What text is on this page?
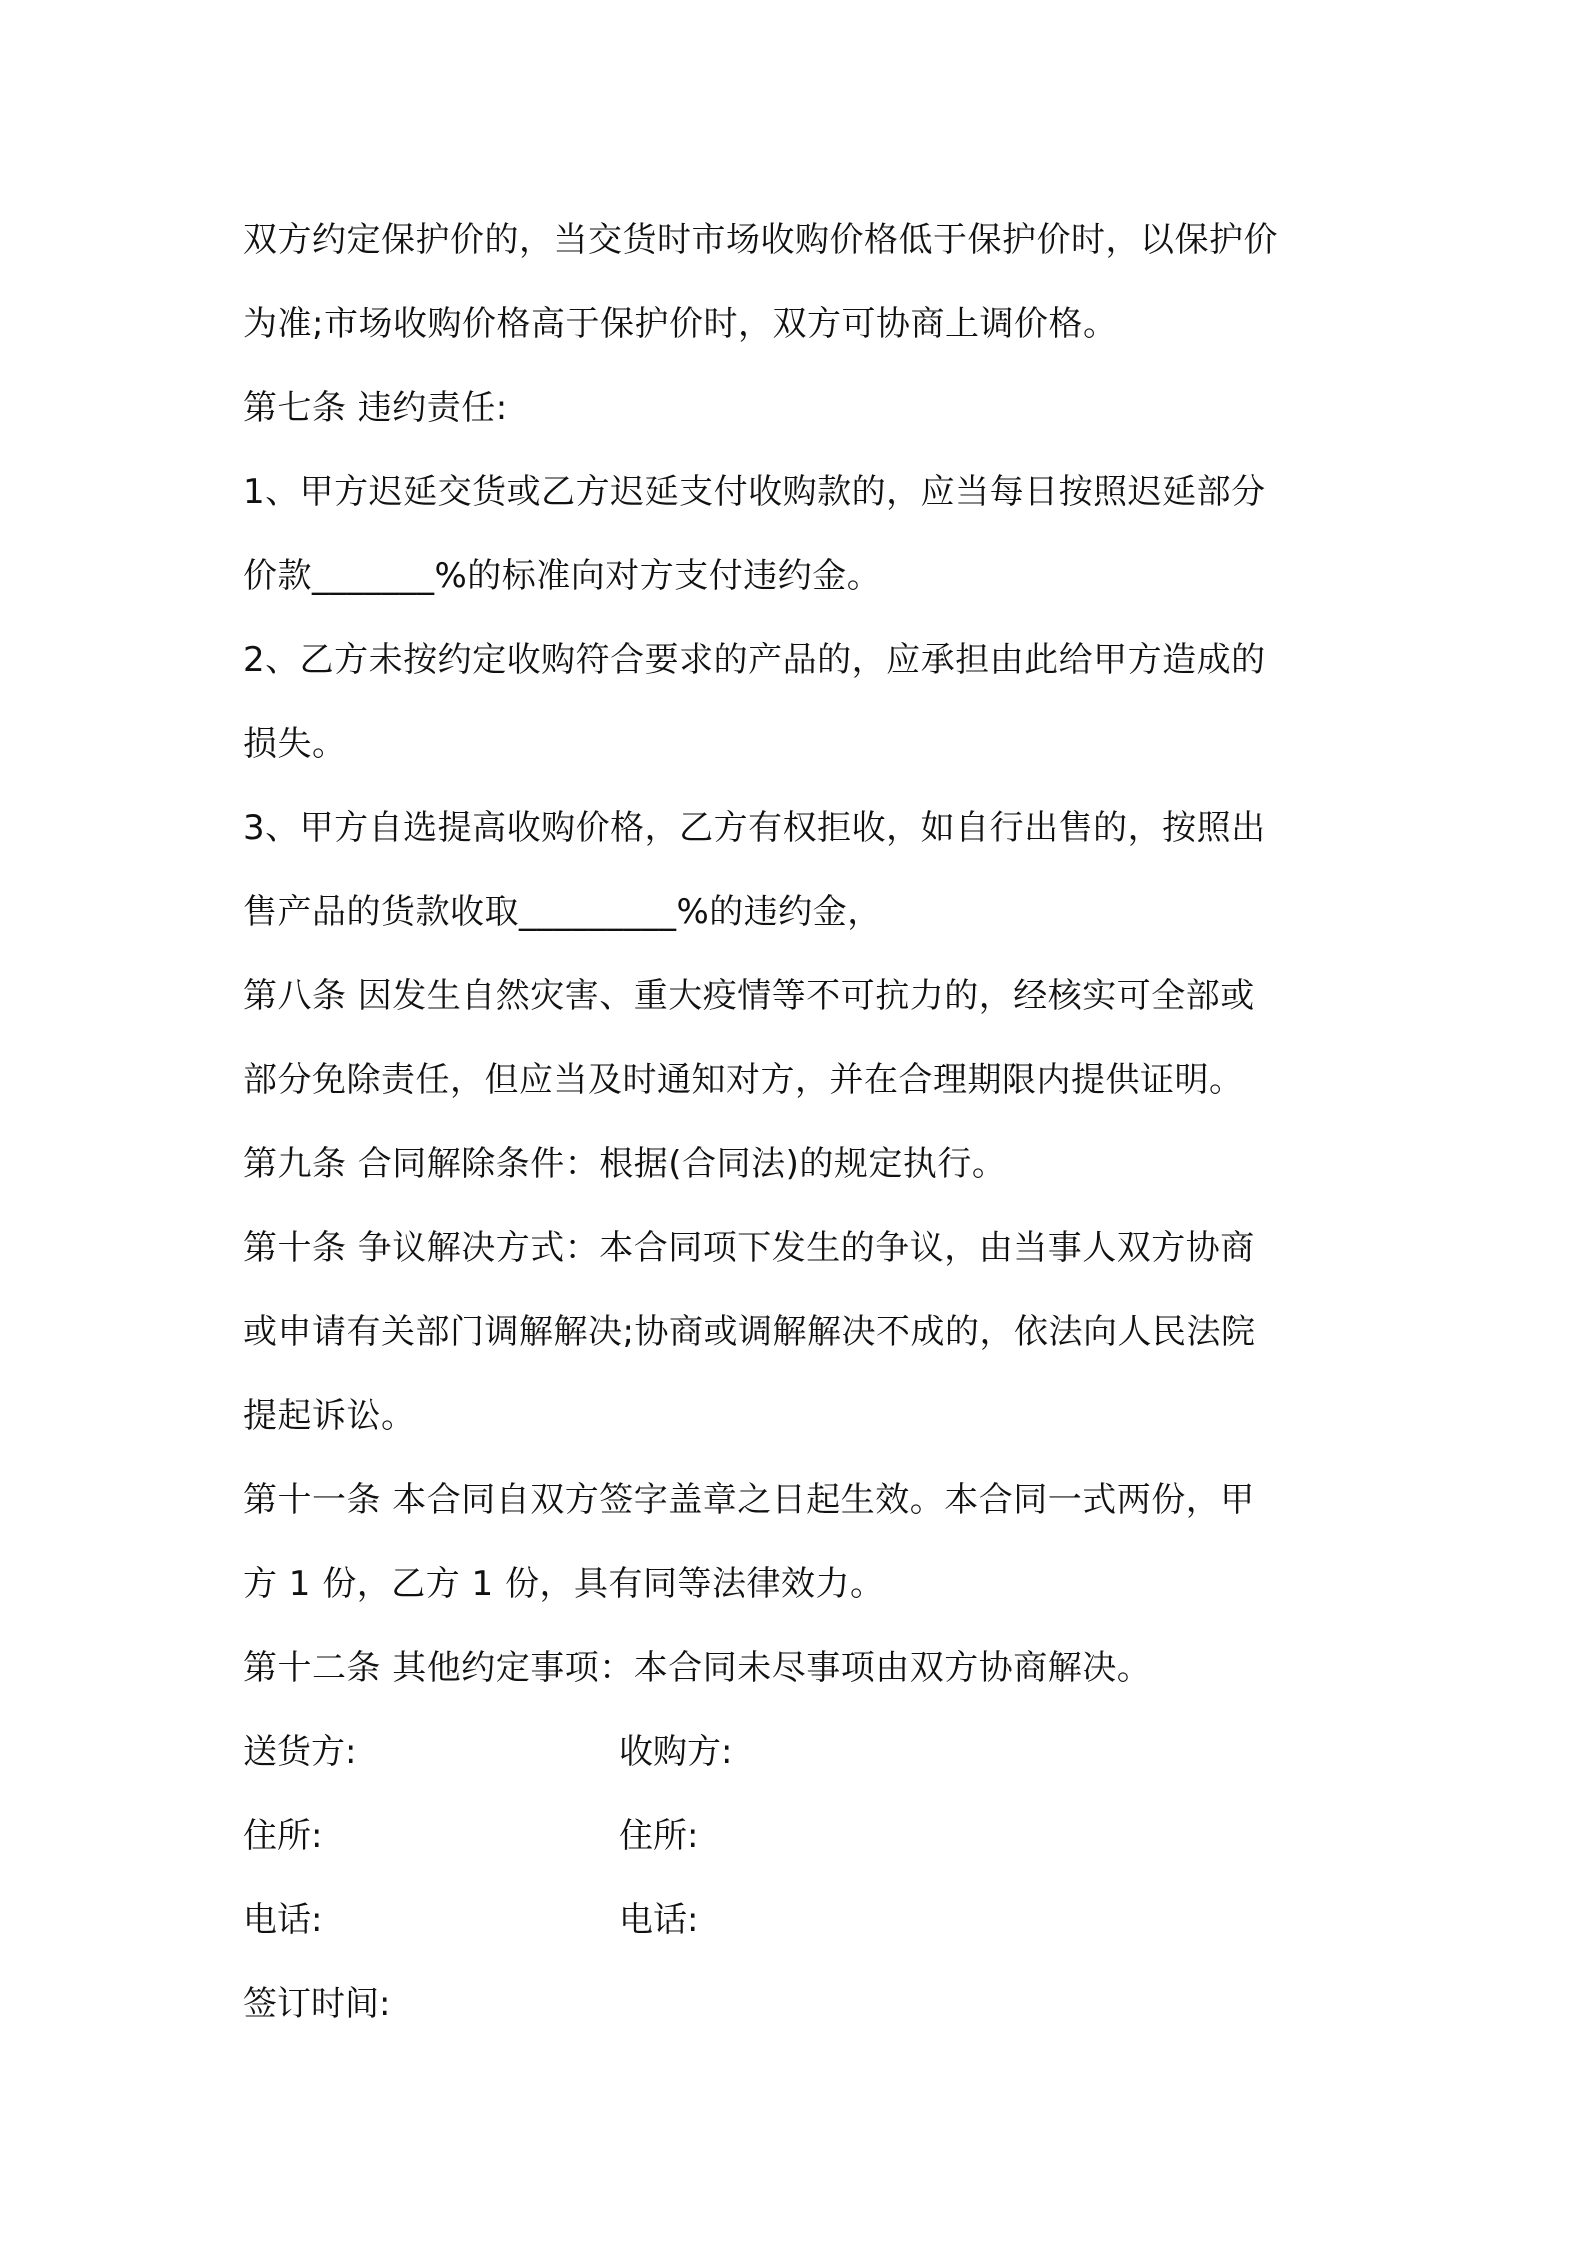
双方约定保护价的，当交货时市场收购价格低于保护价时，以保护价
为准;市场收购价格高于保护价时，双方可协商上调价格。
第七条 违约责任:
1、甲方迟延交货或乙方迟延支付收购款的，应当每日按照迟延部分
价款_______%的标准向对方支付违约金。
2、乙方未按约定收购符合要求的产品的，应承担由此给甲方造成的
损失。
3、甲方自选提高收购价格，乙方有权拒收，如自行出售的，按照出
售产品的货款收取_________%的违约金，
第八条 因发生自然灾害、重大疫情等不可抗力的，经核实可全部或
部分免除责任，但应当及时通知对方，并在合理期限内提供证明。
第九条 合同解除条件：根据(合同法)的规定执行。
第十条 争议解决方式：本合同项下发生的争议，由当事人双方协商
或申请有关部门调解解决;协商或调解解决不成的，依法向人民法院
提起诉讼。
第十一条 本合同自双方签字盖章之日起生效。本合同一式两份，甲
方 1 份，乙方 1 份，具有同等法律效力。
第十二条 其他约定事项：本合同未尽事项由双方协商解决。
送货方:	收购方:
住所:	住所:
电话:	电话:
签订时间:
